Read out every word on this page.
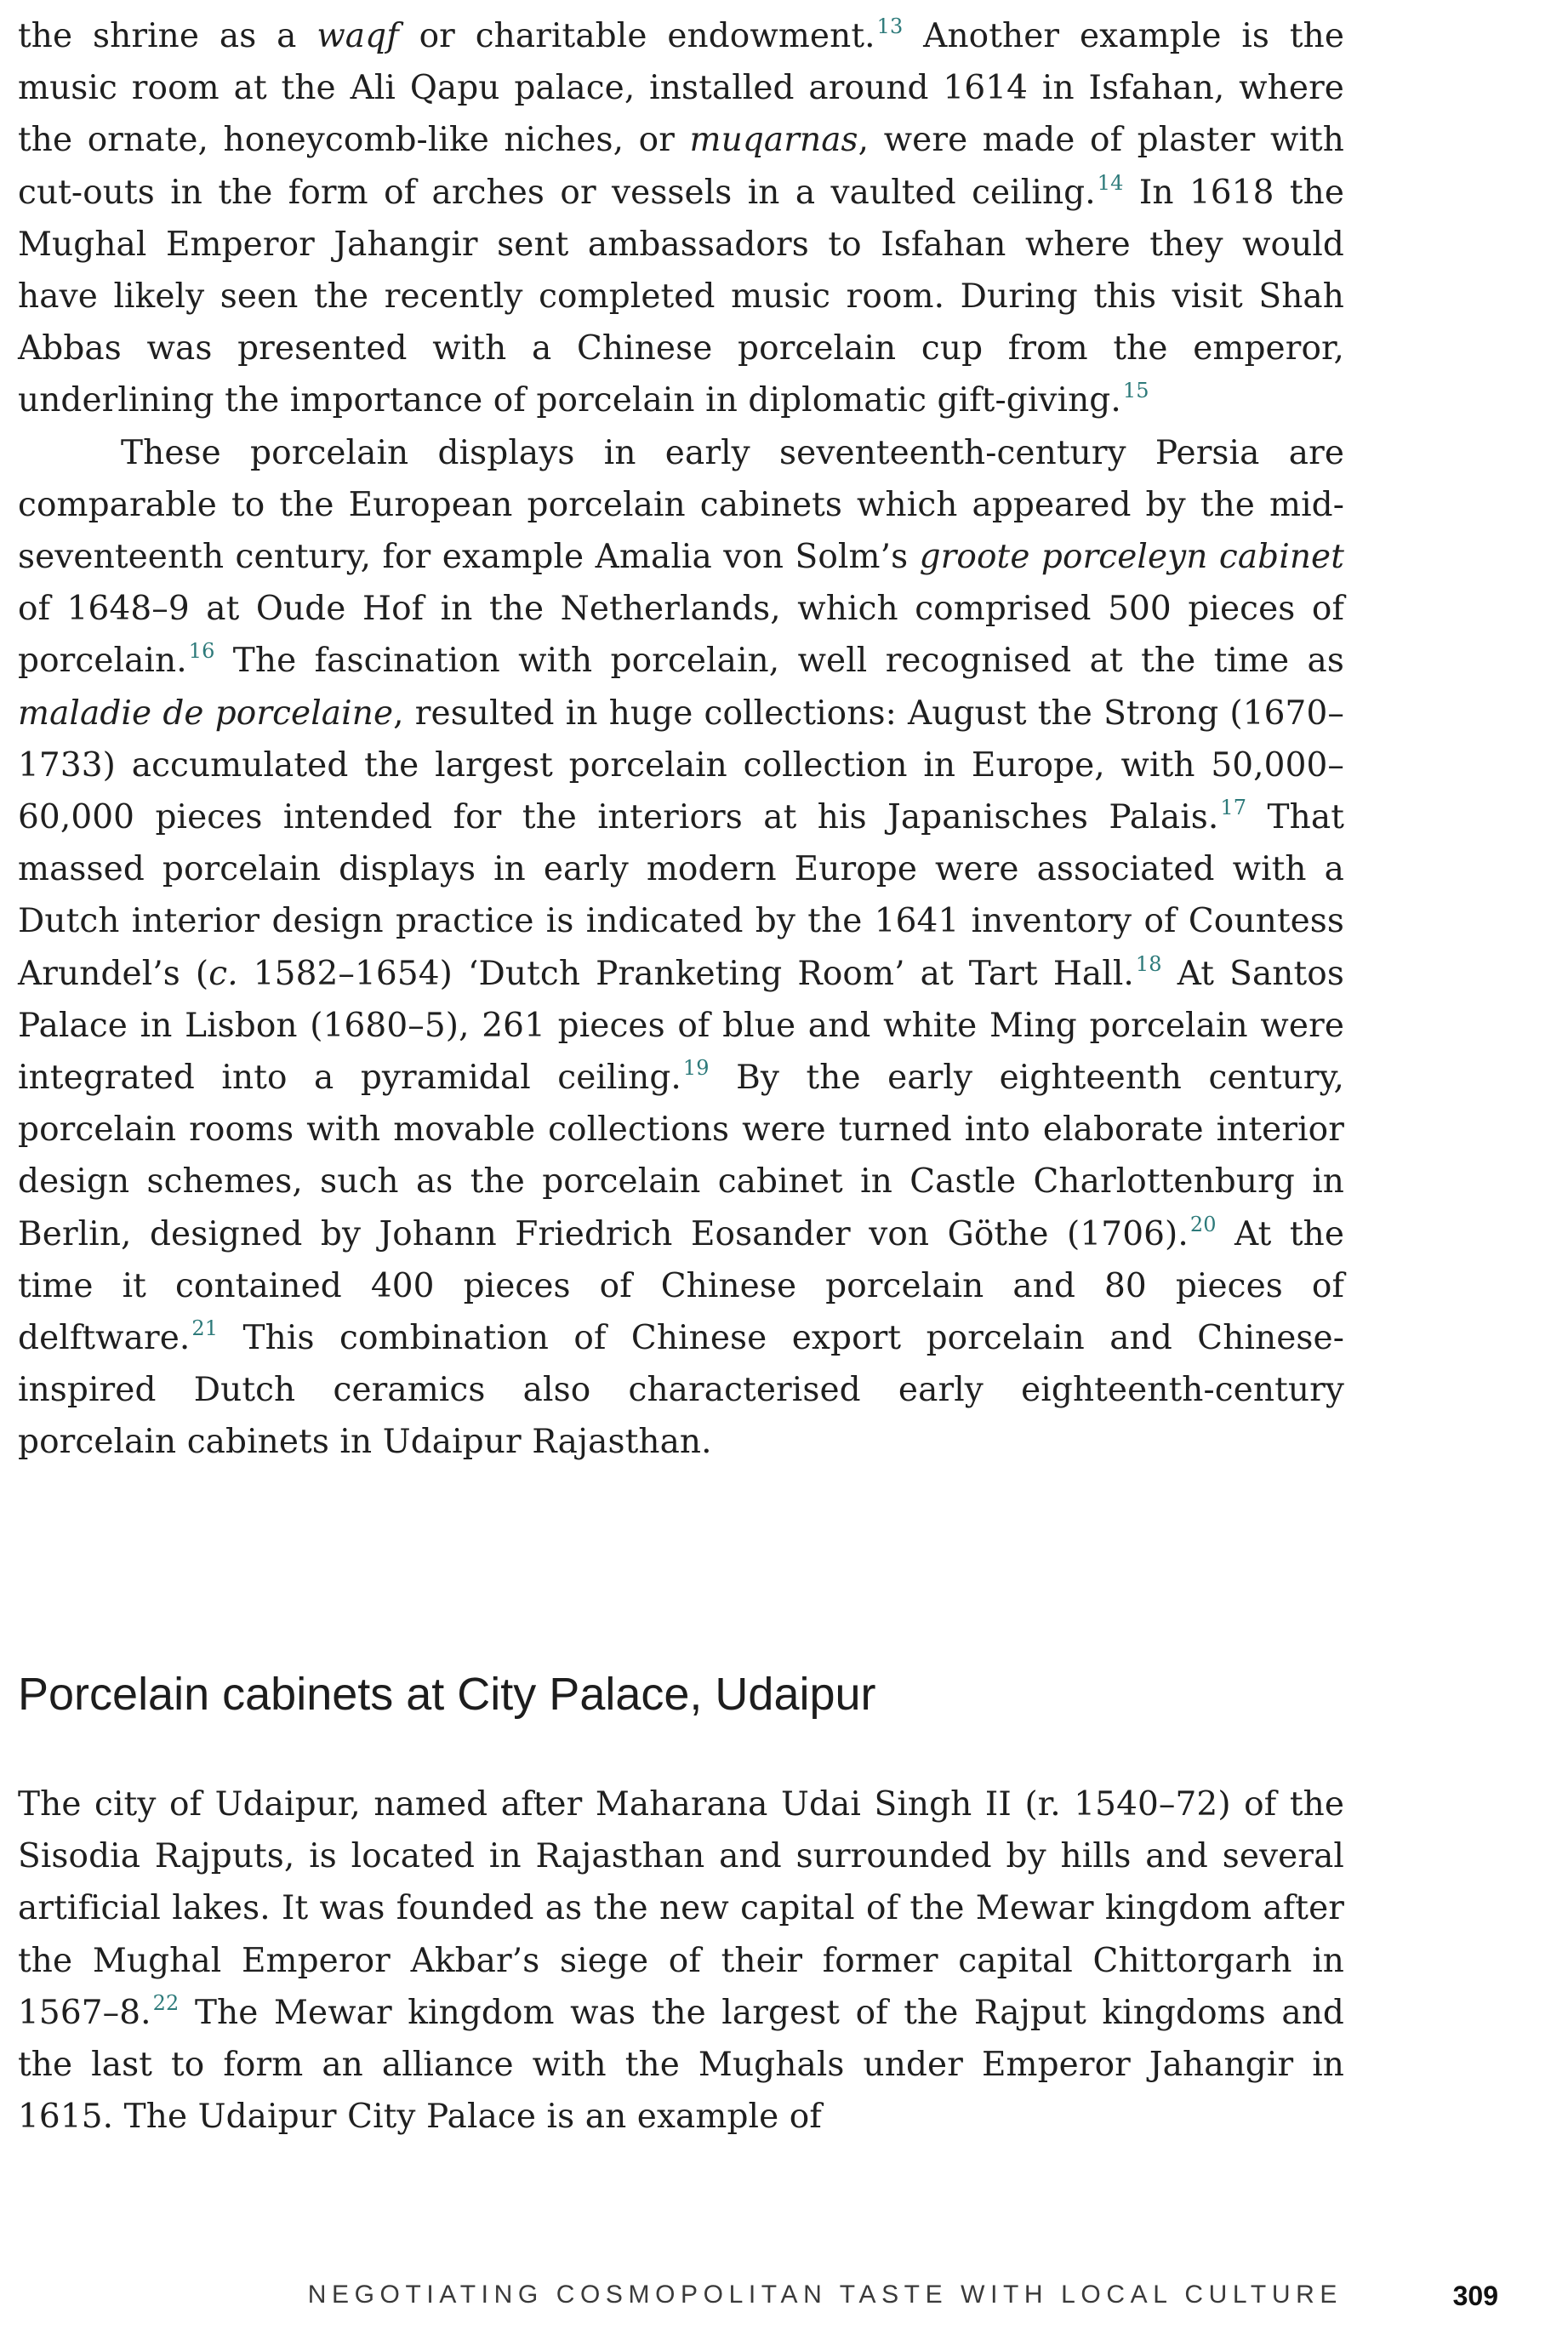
the shrine as a waqf or charitable endowment.$^{13}$ Another example is the music room at the Ali Qapu palace, installed around 1614 in Isfahan, where the ornate, honeycomb-like niches, or muqarnas, were made of plaster with cut-outs in the form of arches or vessels in a vaulted ceiling.$^{14}$ In 1618 the Mughal Emperor Jahangir sent ambassadors to Isfahan where they would have likely seen the recently completed music room. During this visit Shah Abbas was presented with a Chinese porcelain cup from the emperor, underlining the importance of porcelain in diplomatic gift-giving.$^{15}$

These porcelain displays in early seventeenth-century Persia are comparable to the European porcelain cabinets which appeared by the mid-seventeenth century, for example Amalia von Solm’s groote porceleyn cabinet of 1648–9 at Oude Hof in the Netherlands, which comprised 500 pieces of porcelain.$^{16}$ The fascination with porcelain, well recognised at the time as maladie de porcelaine, resulted in huge collections: August the Strong (1670–1733) accumulated the largest porcelain collection in Europe, with 50,000–60,000 pieces intended for the interiors at his Japanisches Palais.$^{17}$ That massed porcelain displays in early modern Europe were associated with a Dutch interior design practice is indicated by the 1641 inventory of Countess Arundel’s (c. 1582–1654) ‘Dutch Pranketing Room’ at Tart Hall.$^{18}$ At Santos Palace in Lisbon (1680–5), 261 pieces of blue and white Ming porcelain were integrated into a pyramidal ceiling.$^{19}$ By the early eighteenth century, porcelain rooms with movable collections were turned into elaborate interior design schemes, such as the porcelain cabinet in Castle Charlottenburg in Berlin, designed by Johann Friedrich Eosander von Göthe (1706).$^{20}$ At the time it contained 400 pieces of Chinese porcelain and 80 pieces of delftware.$^{21}$ This combination of Chinese export porcelain and Chinese-inspired Dutch ceramics also characterised early eighteenth-century porcelain cabinets in Udaipur Rajasthan.

Porcelain cabinets at City Palace, Udaipur

The city of Udaipur, named after Maharana Udai Singh II (r. 1540–72) of the Sisodia Rajputs, is located in Rajasthan and surrounded by hills and several artificial lakes. It was founded as the new capital of the Mewar kingdom after the Mughal Emperor Akbar’s siege of their former capital Chittorgarh in 1567–8.22 The Mewar kingdom was the largest of the Rajput kingdoms and the last to form an alliance with the Mughals under Emperor Jahangir in 1615. The Udaipur City Palace is an example of

NEGOTIATING COSMOPOLITAN TASTE WITH LOCAL CULTURE	309
